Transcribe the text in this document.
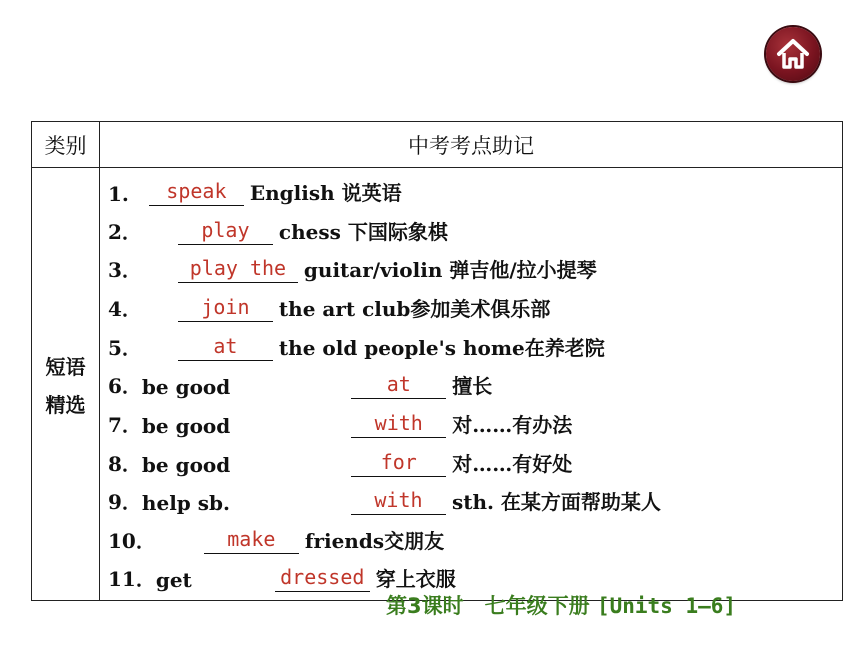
类别	中考考点助记
短语
精选
1.	speak	English 说英语
2．	play	chess 下国际象棋
3．	play the guitar/violin 弹吉他/拉小提琴
4．	join	the art club参加美术俱乐部
5．	at	the old people's home在养老院
6． be good	at	擅长
7． be good	with	对……有办法
8． be good	for	对……有好处
9． help sb.	with	sth. 在某方面帮助某人
10．	make	friends交朋友
11． get	dressed 穿上衣服
第3课时　七年级下册 [Units 1—6]
